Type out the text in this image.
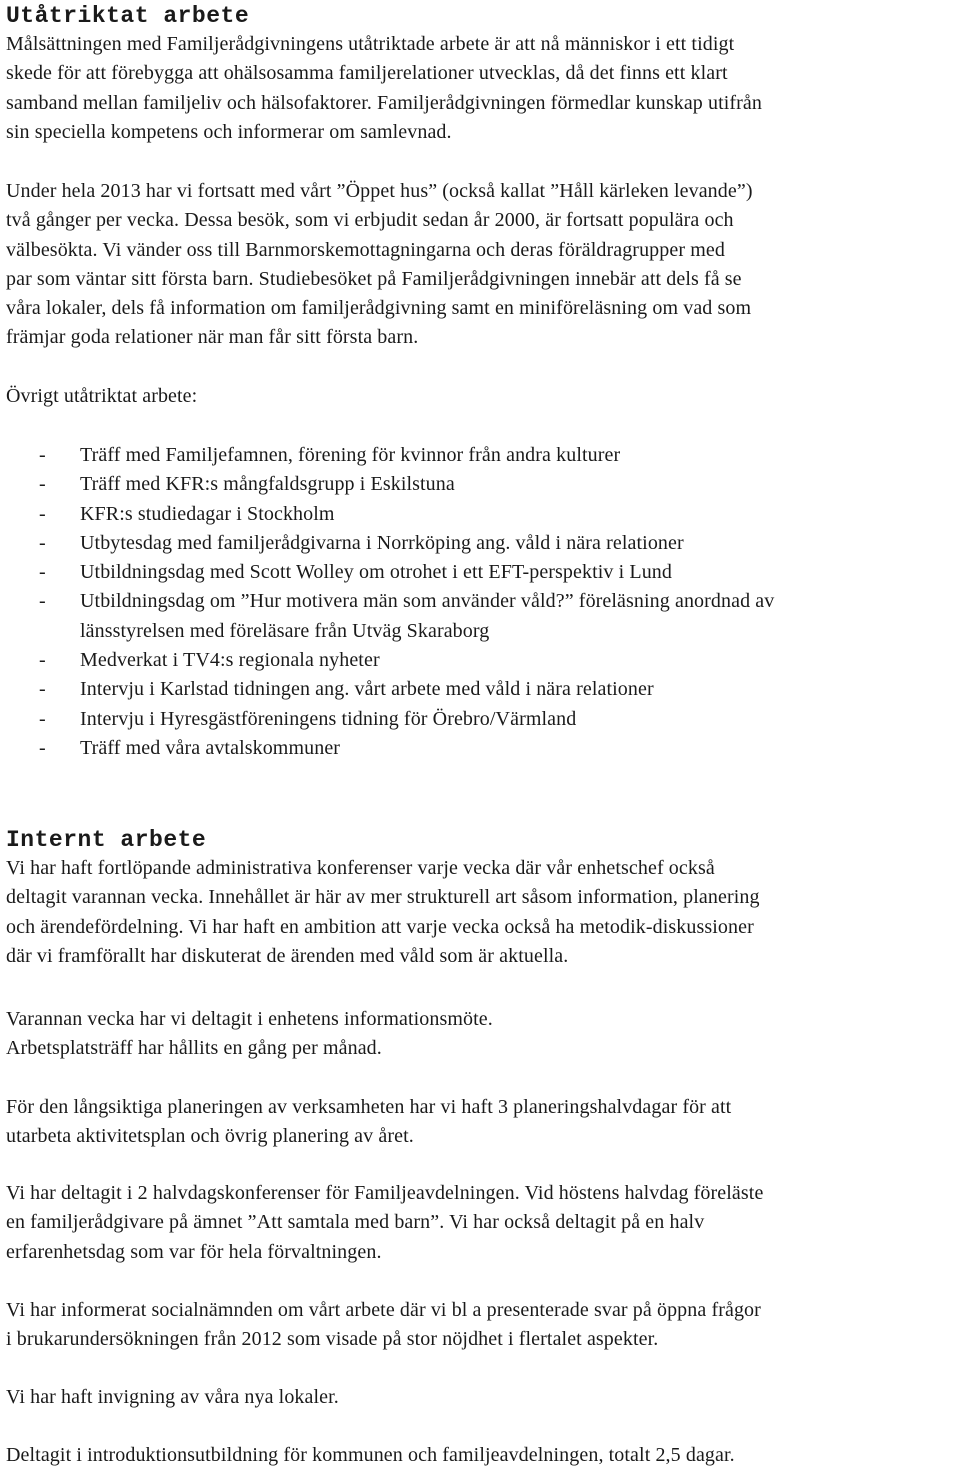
Utåtriktat arbete
Målsättningen med Familjerådgivningens utåtriktade arbete är att nå människor i ett tidigt
skede för att förebygga att ohälsosamma familjerelationer utvecklas, då det finns ett klart
samband mellan familjeliv och hälsofaktorer. Familjerådgivningen förmedlar kunskap utifrån
sin speciella kompetens och informerar om samlevnad.
Under hela 2013 har vi fortsatt med vårt ”Öppet hus” (också kallat ”Håll kärleken levande”)
två gånger per vecka. Dessa besök, som vi erbjudit sedan år 2000, är fortsatt populära och
välbesökta. Vi vänder oss till Barnmorskemottagningarna och deras föräldragrupper med
par som väntar sitt första barn. Studiebesöket på Familjerådgivningen innebär att dels få se
våra lokaler, dels få information om familjerådgivning samt en miniföreläsning om vad som
främjar goda relationer när man får sitt första barn.
Övrigt utåtriktat arbete:
- Träff med Familjefamnen, förening för kvinnor från andra kulturer
- Träff med KFR:s mångfaldsgrupp i Eskilstuna
- KFR:s studiedagar i Stockholm
- Utbytesdag med familjerådgivarna i Norrköping ang. våld i nära relationer
- Utbildningsdag med Scott Wolley om otrohet i ett EFT-perspektiv i Lund
- Utbildningsdag om ”Hur motivera män som använder våld?” föreläsning anordnad av
länsstyrelsen med föreläsare från Utväg Skaraborg
- Medverkat i TV4:s regionala nyheter
- Intervju i Karlstad tidningen ang. vårt arbete med våld i nära relationer
- Intervju i Hyresgästföreningens tidning för Örebro/Värmland
- Träff med våra avtalskommuner
Internt arbete
Vi har haft fortlöpande administrativa konferenser varje vecka där vår enhetschef också
deltagit varannan vecka. Innehållet är här av mer strukturell art såsom information, planering
och ärendefördelning. Vi har haft en ambition att varje vecka också ha metodik-diskussioner
där vi framförallt har diskuterat de ärenden med våld som är aktuella.
Varannan vecka har vi deltagit i enhetens informationsmöte.
Arbetsplatsträff har hållits en gång per månad.
För den långsiktiga planeringen av verksamheten har vi haft 3 planeringshalvdagar för att
utarbeta aktivitetsplan och övrig planering av året.
Vi har deltagit i 2 halvdagskonferenser för Familjeavdelningen. Vid höstens halvdag föreläste
en familjerådgivare på ämnet ”Att samtala med barn”. Vi har också deltagit på en halv
erfarenhetsdag som var för hela förvaltningen.
Vi har informerat socialnämnden om vårt arbete där vi bl a presenterade svar på öppna frågor
i brukarundersökningen från 2012 som visade på stor nöjdhet i flertalet aspekter.
Vi har haft invigning av våra nya lokaler.
Deltagit i introduktionsutbildning för kommunen och familjeavdelningen, totalt 2,5 dagar.
